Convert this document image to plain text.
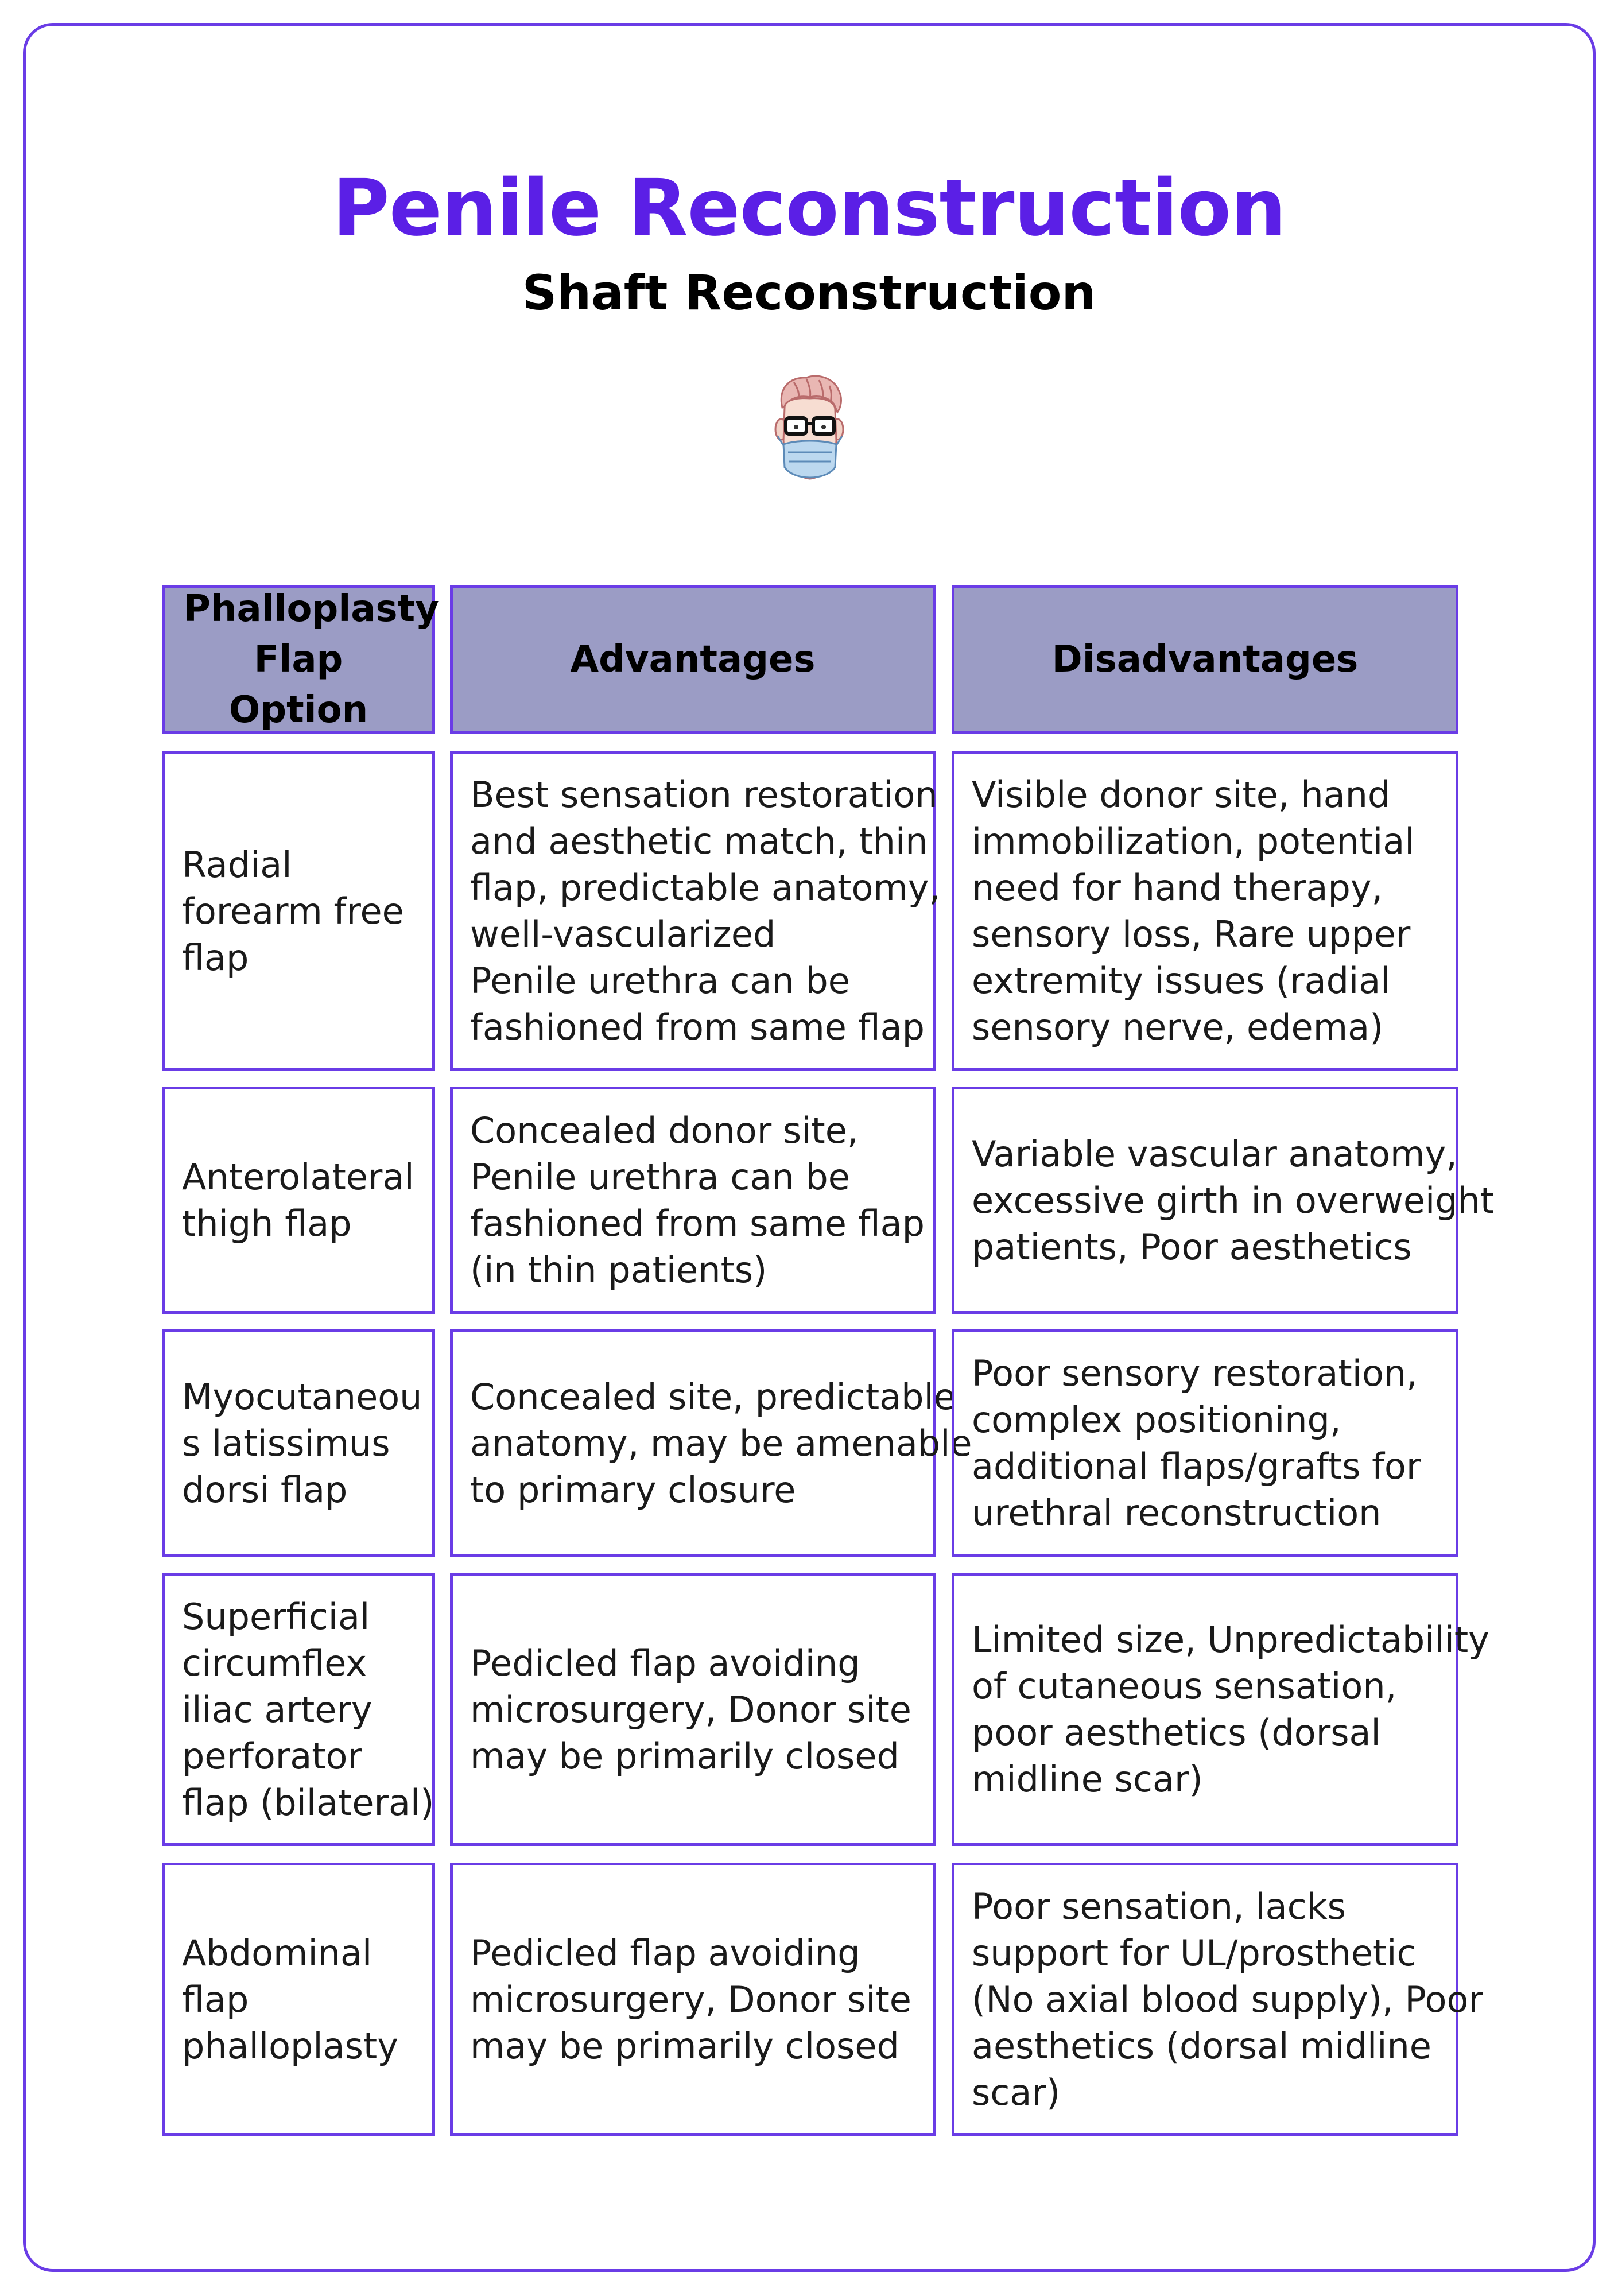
Penile Reconstruction
Shaft Reconstruction
Phalloplasty Flap Option
Advantages	Disadvantages
Radial
forearm free
flap
Best sensation restoration
and aesthetic match, thin
flap, predictable anatomy,
well-vascularized
Penile urethra can be
fashioned from same flap
Visible donor site, hand
immobilization, potential
need for hand therapy,
sensory loss, Rare upper
extremity issues (radial
sensory nerve, edema)
Anterolateral
thigh flap
Concealed donor site,
Penile urethra can be
fashioned from same flap
(in thin patients)
Variable vascular anatomy,
excessive girth in overweight
patients, Poor aesthetics
Myocutaneou
s latissimus
dorsi flap
Concealed site, predictable
anatomy, may be amenable
to primary closure
Poor sensory restoration,
complex positioning,
additional flaps/grafts for
urethral reconstruction
Superficial
circumflex
iliac artery
perforator
flap (bilateral)
Pedicled flap avoiding
microsurgery, Donor site
may be primarily closed
Limited size, Unpredictability
of cutaneous sensation,
poor aesthetics (dorsal
midline scar)
Abdominal
flap
phalloplasty
Pedicled flap avoiding
microsurgery, Donor site
may be primarily closed
Poor sensation, lacks
support for UL/prosthetic
(No axial blood supply), Poor
aesthetics (dorsal midline
scar)
